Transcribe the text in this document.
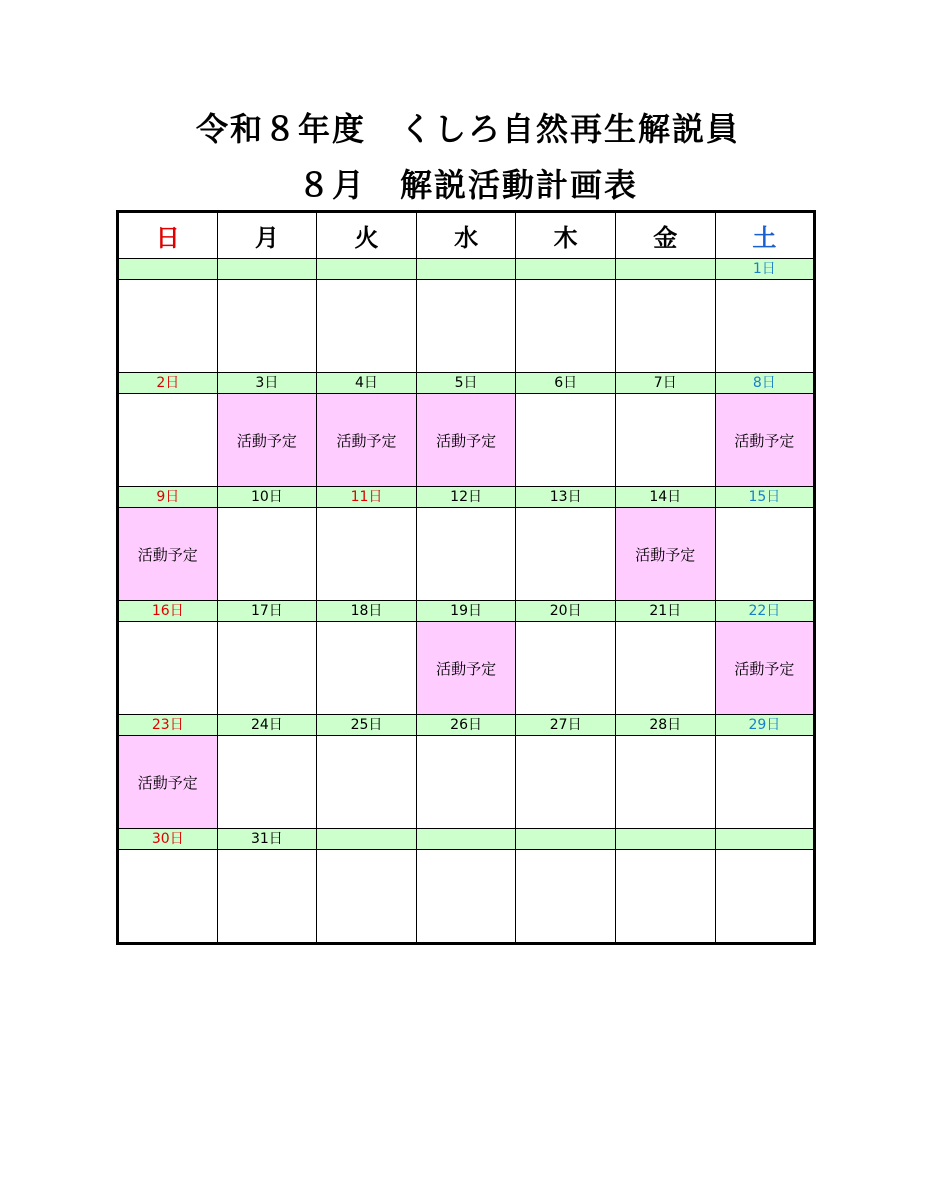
令和８年度　くしろ自然再生解説員
８月　解説活動計画表
日	月	火	水	木	金	土
						1日

2日	3日	4日	5日	6日	7日	8日
	活動予定	活動予定	活動予定			活動予定
9日	10日	11日	12日	13日	14日	15日
活動予定					活動予定	
16日	17日	18日	19日	20日	21日	22日
			活動予定			活動予定
23日	24日	25日	26日	27日	28日	29日
活動予定						
30日	31日					
